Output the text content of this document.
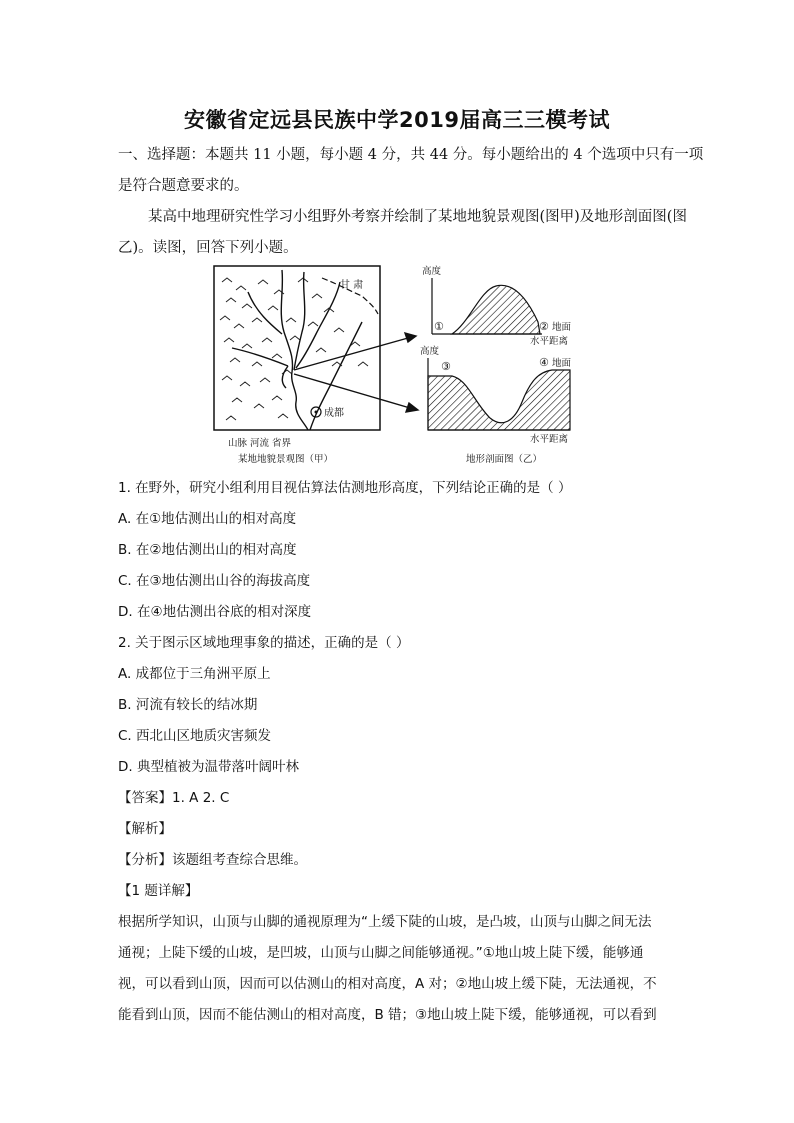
安徽省定远县民族中学2019届高三三模考试
一、选择题：本题共 11 小题，每小题 4 分，共 44 分。每小题给出的 4 个选项中只有一项
是符合题意要求的。
某高中地理研究性学习小组野外考察并绘制了某地地貌景观图(图甲)及地形剖面图(图
乙)。读图，回答下列小题。
甘 肃
成都
山脉 河流 省界
某地地貌景观图（甲）
高度
①	② 地面
水平距离
高度
③	④ 地面
水平距离
地形剖面图（乙）
1. 在野外，研究小组利用目视估算法估测地形高度，下列结论正确的是（ ）
A. 在①地估测出山的相对高度
B. 在②地估测出山的相对高度
C. 在③地估测出山谷的海拔高度
D. 在④地估测出谷底的相对深度
2. 关于图示区域地理事象的描述，正确的是（ ）
A. 成都位于三角洲平原上
B. 河流有较长的结冰期
C. 西北山区地质灾害频发
D. 典型植被为温带落叶阔叶林
【答案】1. A 2. C
【解析】
【分析】该题组考查综合思维。
【1 题详解】
根据所学知识，山顶与山脚的通视原理为“上缓下陡的山坡，是凸坡，山顶与山脚之间无法
通视；上陡下缓的山坡，是凹坡，山顶与山脚之间能够通视。”①地山坡上陡下缓，能够通
视，可以看到山顶，因而可以估测山的相对高度，A 对；②地山坡上缓下陡，无法通视，不
能看到山顶，因而不能估测山的相对高度，B 错；③地山坡上陡下缓，能够通视，可以看到
